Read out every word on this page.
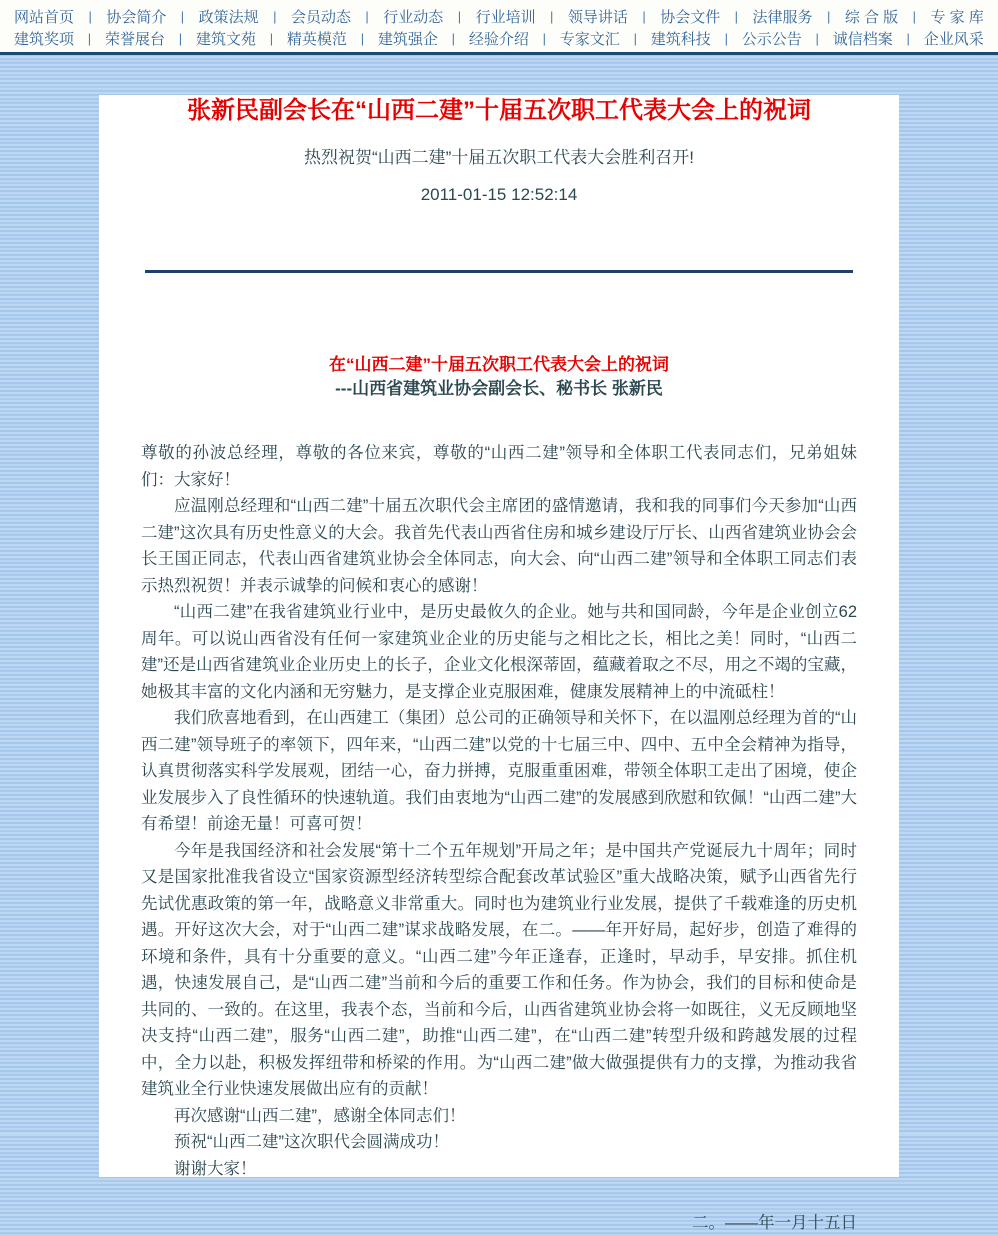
网站首页 | 协会简介 | 政策法规 | 会员动态 | 行业动态 | 行业培训 | 领导讲话 | 协会文件 | 法律服务 | 综 合 版 | 专 家 库
建筑奖项 | 荣誉展台 | 建筑文苑 | 精英模范 | 建筑强企 | 经验介绍 | 专家文汇 | 建筑科技 | 公示公告 | 诚信档案 | 企业风采
张新民副会长在“山西二建”十届五次职工代表大会上的祝词
热烈祝贺“山西二建”十届五次职工代表大会胜利召开!
2011-01-15 12:52:14
在“山西二建”十届五次职工代表大会上的祝词
---山西省建筑业协会副会长、秘书长 张新民

尊敬的孙波总经理，尊敬的各位来宾，尊敬的“山西二建”领导和全体职工代表同志们，兄弟姐妹们：大家好！

应温刚总经理和“山西二建”十届五次职代会主席团的盛情邀请，我和我的同事们今天参加“山西二建”这次具有历史性意义的大会。我首先代表山西省住房和城乡建设厅厅长、山西省建筑业协会会长王国正同志，代表山西省建筑业协会全体同志，向大会、向“山西二建”领导和全体职工同志们表示热烈祝贺！并表示诚挚的问候和衷心的感谢！

“山西二建”在我省建筑业行业中，是历史最攸久的企业。她与共和国同龄，今年是企业创立62周年。可以说山西省没有任何一家建筑业企业的历史能与之相比之长，相比之美！同时，“山西二建”还是山西省建筑业企业历史上的长子，企业文化根深蒂固，蕴藏着取之不尽，用之不竭的宝藏，她极其丰富的文化内涵和无穷魅力，是支撑企业克服困难，健康发展精神上的中流砥柱！

我们欣喜地看到，在山西建工（集团）总公司的正确领导和关怀下，在以温刚总经理为首的“山西二建”领导班子的率领下，四年来，“山西二建”以党的十七届三中、四中、五中全会精神为指导，认真贯彻落实科学发展观，团结一心，奋力拼搏，克服重重困难，带领全体职工走出了困境，使企业发展步入了良性循环的快速轨道。我们由衷地为“山西二建”的发展感到欣慰和钦佩！“山西二建”大有希望！前途无量！可喜可贺！

今年是我国经济和社会发展“第十二个五年规划”开局之年；是中国共产党诞辰九十周年；同时又是国家批准我省设立“国家资源型经济转型综合配套改革试验区”重大战略决策，赋予山西省先行先试优惠政策的第一年，战略意义非常重大。同时也为建筑业行业发展，提供了千载难逢的历史机遇。开好这次大会，对于“山西二建”谋求战略发展，在二。——年开好局，起好步，创造了难得的环境和条件，具有十分重要的意义。“山西二建”今年正逢春，正逢时，早动手，早安排。抓住机遇，快速发展自己，是“山西二建”当前和今后的重要工作和任务。作为协会，我们的目标和使命是共同的、一致的。在这里，我表个态，当前和今后，山西省建筑业协会将一如既往，义无反顾地坚决支持“山西二建”，服务“山西二建”，助推“山西二建”，在“山西二建”转型升级和跨越发展的过程中，全力以赴，积极发挥纽带和桥梁的作用。为“山西二建”做大做强提供有力的支撑，为推动我省建筑业全行业快速发展做出应有的贡献！

再次感谢“山西二建”，感谢全体同志们！

预祝“山西二建”这次职代会圆满成功！

谢谢大家！

二。——年一月十五日
